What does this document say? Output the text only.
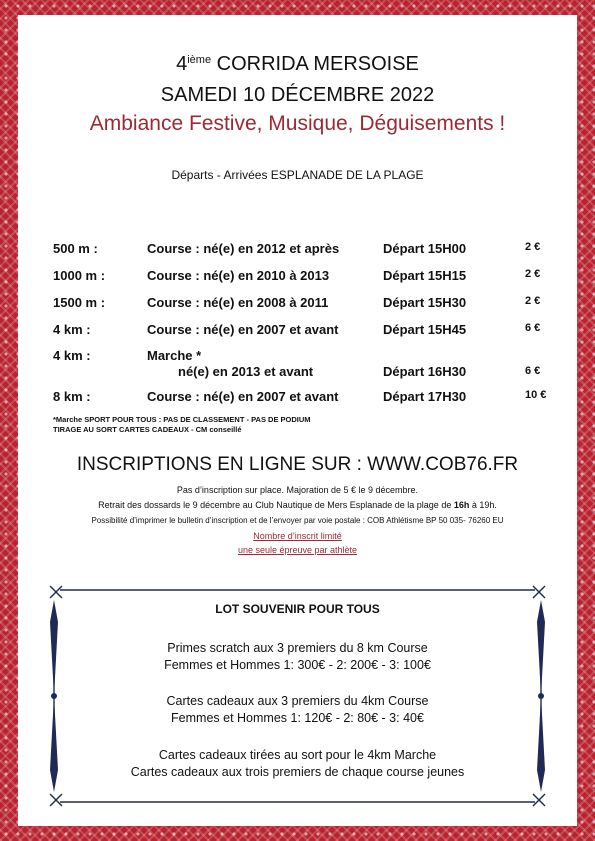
4ième CORRIDA MERSOISE
SAMEDI 10 DÉCEMBRE 2022
Ambiance Festive, Musique, Déguisements !
Départs - Arrivées ESPLANADE DE LA PLAGE
500 m :	Course : né(e) en 2012 et après	Départ 15H00	2 €
1000 m :	Course : né(e) en 2010 à 2013	Départ 15H15	2 €
1500 m :	Course : né(e) en 2008 à 2011	Départ 15H30	2 €
4 km :	Course : né(e) en 2007 et avant	Départ 15H45	6 €
4 km :	Marche *
né(e) en 2013 et avant	Départ 16H30	6 €
8 km :	Course : né(e) en 2007 et avant	Départ 17H30	10 €
*Marche SPORT POUR TOUS : PAS DE CLASSEMENT - PAS DE PODIUM
TIRAGE AU SORT CARTES CADEAUX - CM conseillé
INSCRIPTIONS EN LIGNE SUR : WWW.COB76.FR
Pas d’inscription sur place. Majoration de 5 € le 9 décembre.
Retrait des dossards le 9 décembre au Club Nautique de Mers Esplanade de la plage de 16h à 19h.
Possibilité d’imprimer le bulletin d’inscription et de l’envoyer par voie postale : COB Athlétisme BP 50 035- 76260 EU
Nombre d’inscrit limité
une seule épreuve par athlète
LOT SOUVENIR POUR TOUS
Primes scratch aux 3 premiers du 8 km Course
Femmes et Hommes 1: 300€ - 2: 200€ - 3: 100€
Cartes cadeaux aux 3 premiers du 4km Course
Femmes et Hommes 1: 120€ - 2: 80€ - 3: 40€
Cartes cadeaux tirées au sort pour le 4km Marche
Cartes cadeaux aux trois premiers de chaque course jeunes
